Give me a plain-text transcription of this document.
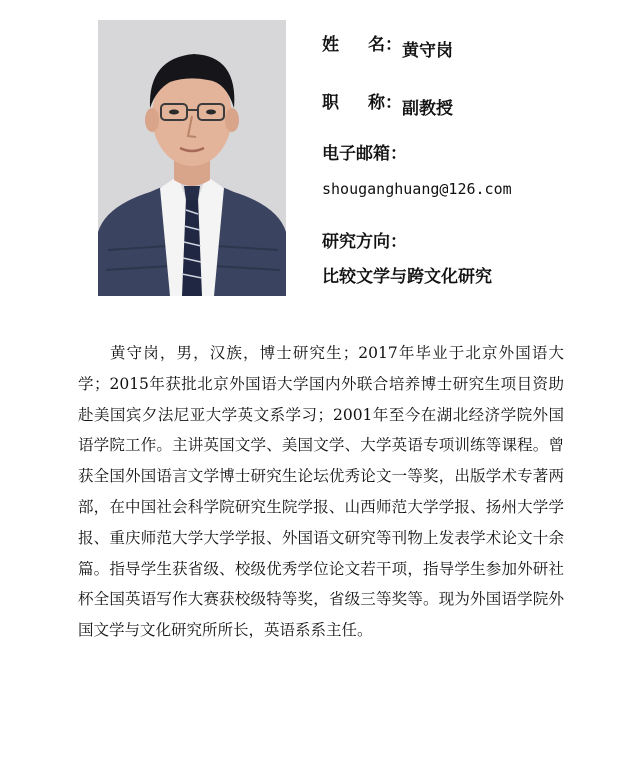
姓 名： 黄守岗
职 称： 副教授
电子邮箱：
shouganghuang@126.com
研究方向：
比较文学与跨文化研究

黄守岗，男，汉族，博士研究生；2017年毕业于北京外国语大学；2015年获批北京外国语大学国内外联合培养博士研究生项目资助赴美国宾夕法尼亚大学英文系学习；2001年至今在湖北经济学院外国语学院工作。主讲英国文学、美国文学、大学英语专项训练等课程。曾获全国外国语言文学博士研究生论坛优秀论文一等奖，出版学术专著两部，在中国社会科学院研究生院学报、山西师范大学学报、扬州大学学报、重庆师范大学大学学报、外国语文研究等刊物上发表学术论文十余篇。指导学生获省级、校级优秀学位论文若干项，指导学生参加外研社杯全国英语写作大赛获校级特等奖，省级三等奖等。现为外国语学院外国文学与文化研究所所长，英语系系主任。
